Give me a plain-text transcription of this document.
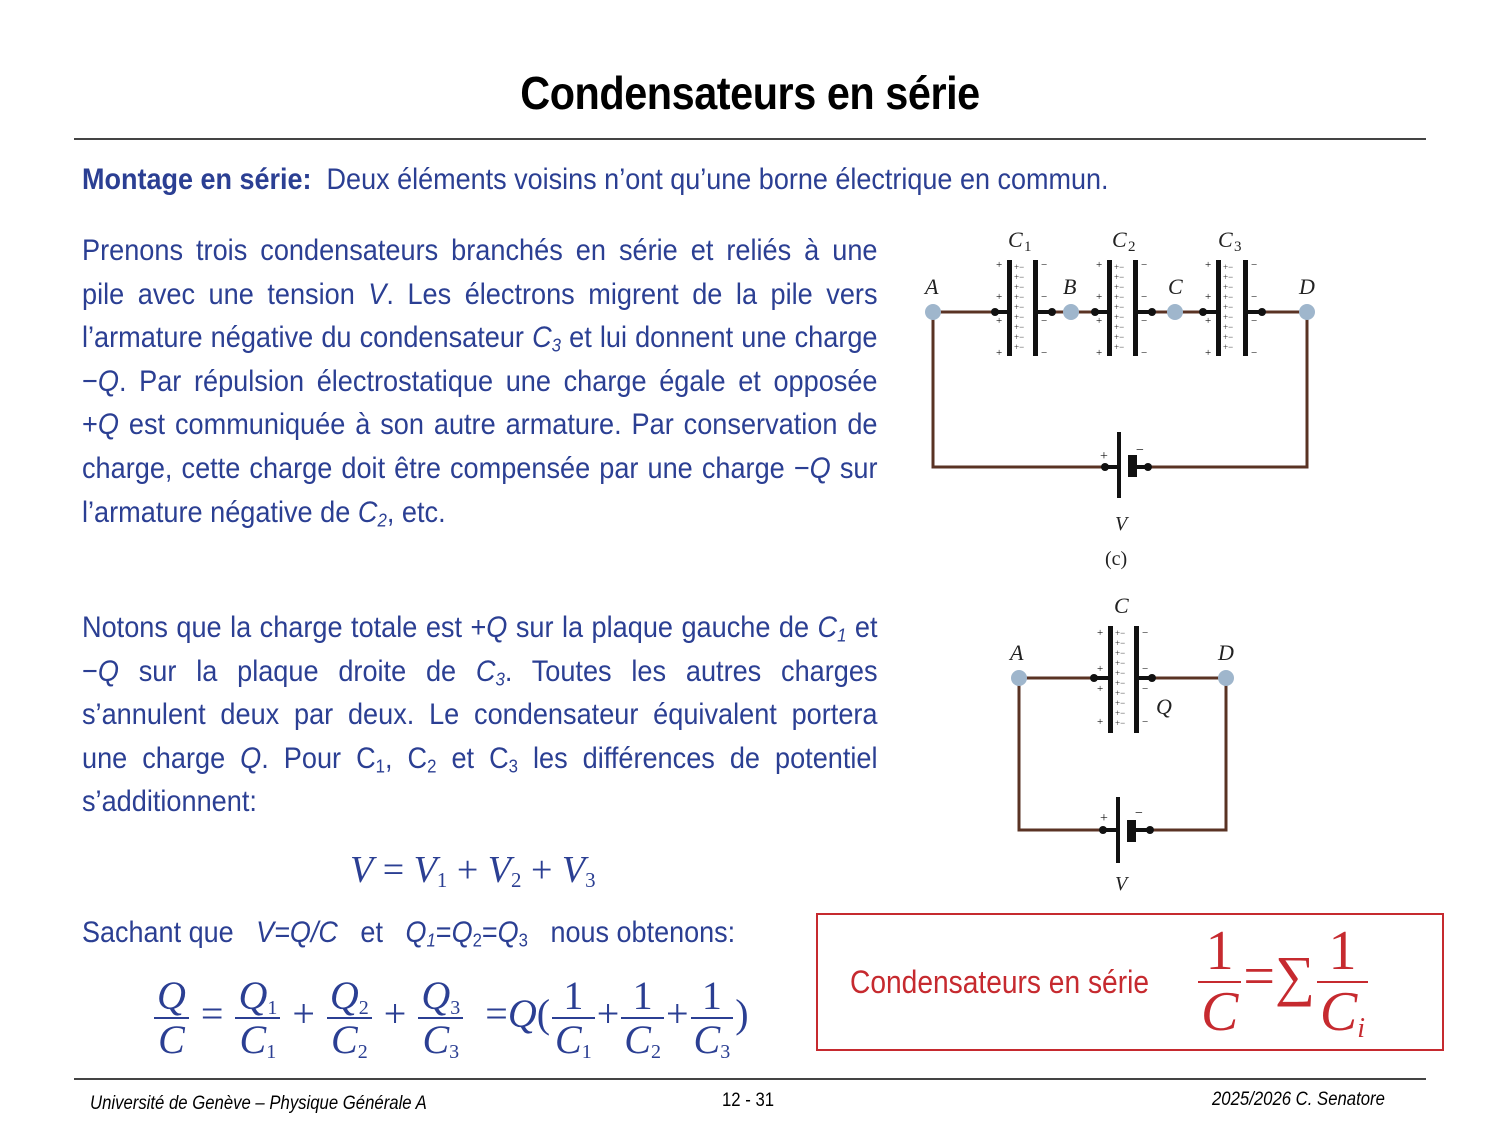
Condensateurs en série
Montage en série: Deux éléments voisins n’ont qu’une borne électrique en commun.
Prenons trois condensateurs branchés en série et reliés à une pile avec une tension V. Les électrons migrent de la pile vers l’armature négative du condensateur $C_3$ et lui donnent une charge −Q. Par répulsion électrostatique une charge égale et opposée +Q est communiquée à son autre armature. Par conservation de charge, cette charge doit être compensée par une charge −Q sur l’armature négative de $C_2$, etc.
Notons que la charge totale est +Q sur la plaque gauche de $C_1$ et −Q sur la plaque droite de $C_3$. Toutes les autres charges s’annulent deux par deux. Le condensateur équivalent portera une charge Q. Pour $C_1$, $C_2$ et $C_3$ les différences de potentiel s’additionnent:
$V = V_1 + V_2 + V_3$
Sachant que   V=Q/C   et   $Q_1=Q_2=Q_3$   nous obtenons:
$\frac{Q}{C} = \frac{Q_1}{C_1} + \frac{Q_2}{C_2} + \frac{Q_3}{C_3} =Q( \frac{1}{C_1} + \frac{1}{C_2} + \frac{1}{C_3}$ )
+
+
+
+
−
−
−
−
+
+
+
+
−
−
−
−
+
+
+
+
−
−
−
−
+−
+−
+−
+−
+−
+−
+−
+−
+−
+−
+−
+−
+−
+−
+−
+−
+−
+−
+−
+−
+−
+−
+−
+−
+−
+−
+−
C 1	C 2	C 3
A	B	C	D
V
(c)
+ −
+
+
+
+
−
−
−
−
+−
+−
+−
+−
+−
+−
+−
+−
+−
+−
C
A	D
Q
V
+ −
Condensateurs en série $\frac{1}{C}$ =∑ $\frac{1}{C_i}$
Université de Genève – Physique Générale A	12 - 31	2025/2026 C. Senatore
